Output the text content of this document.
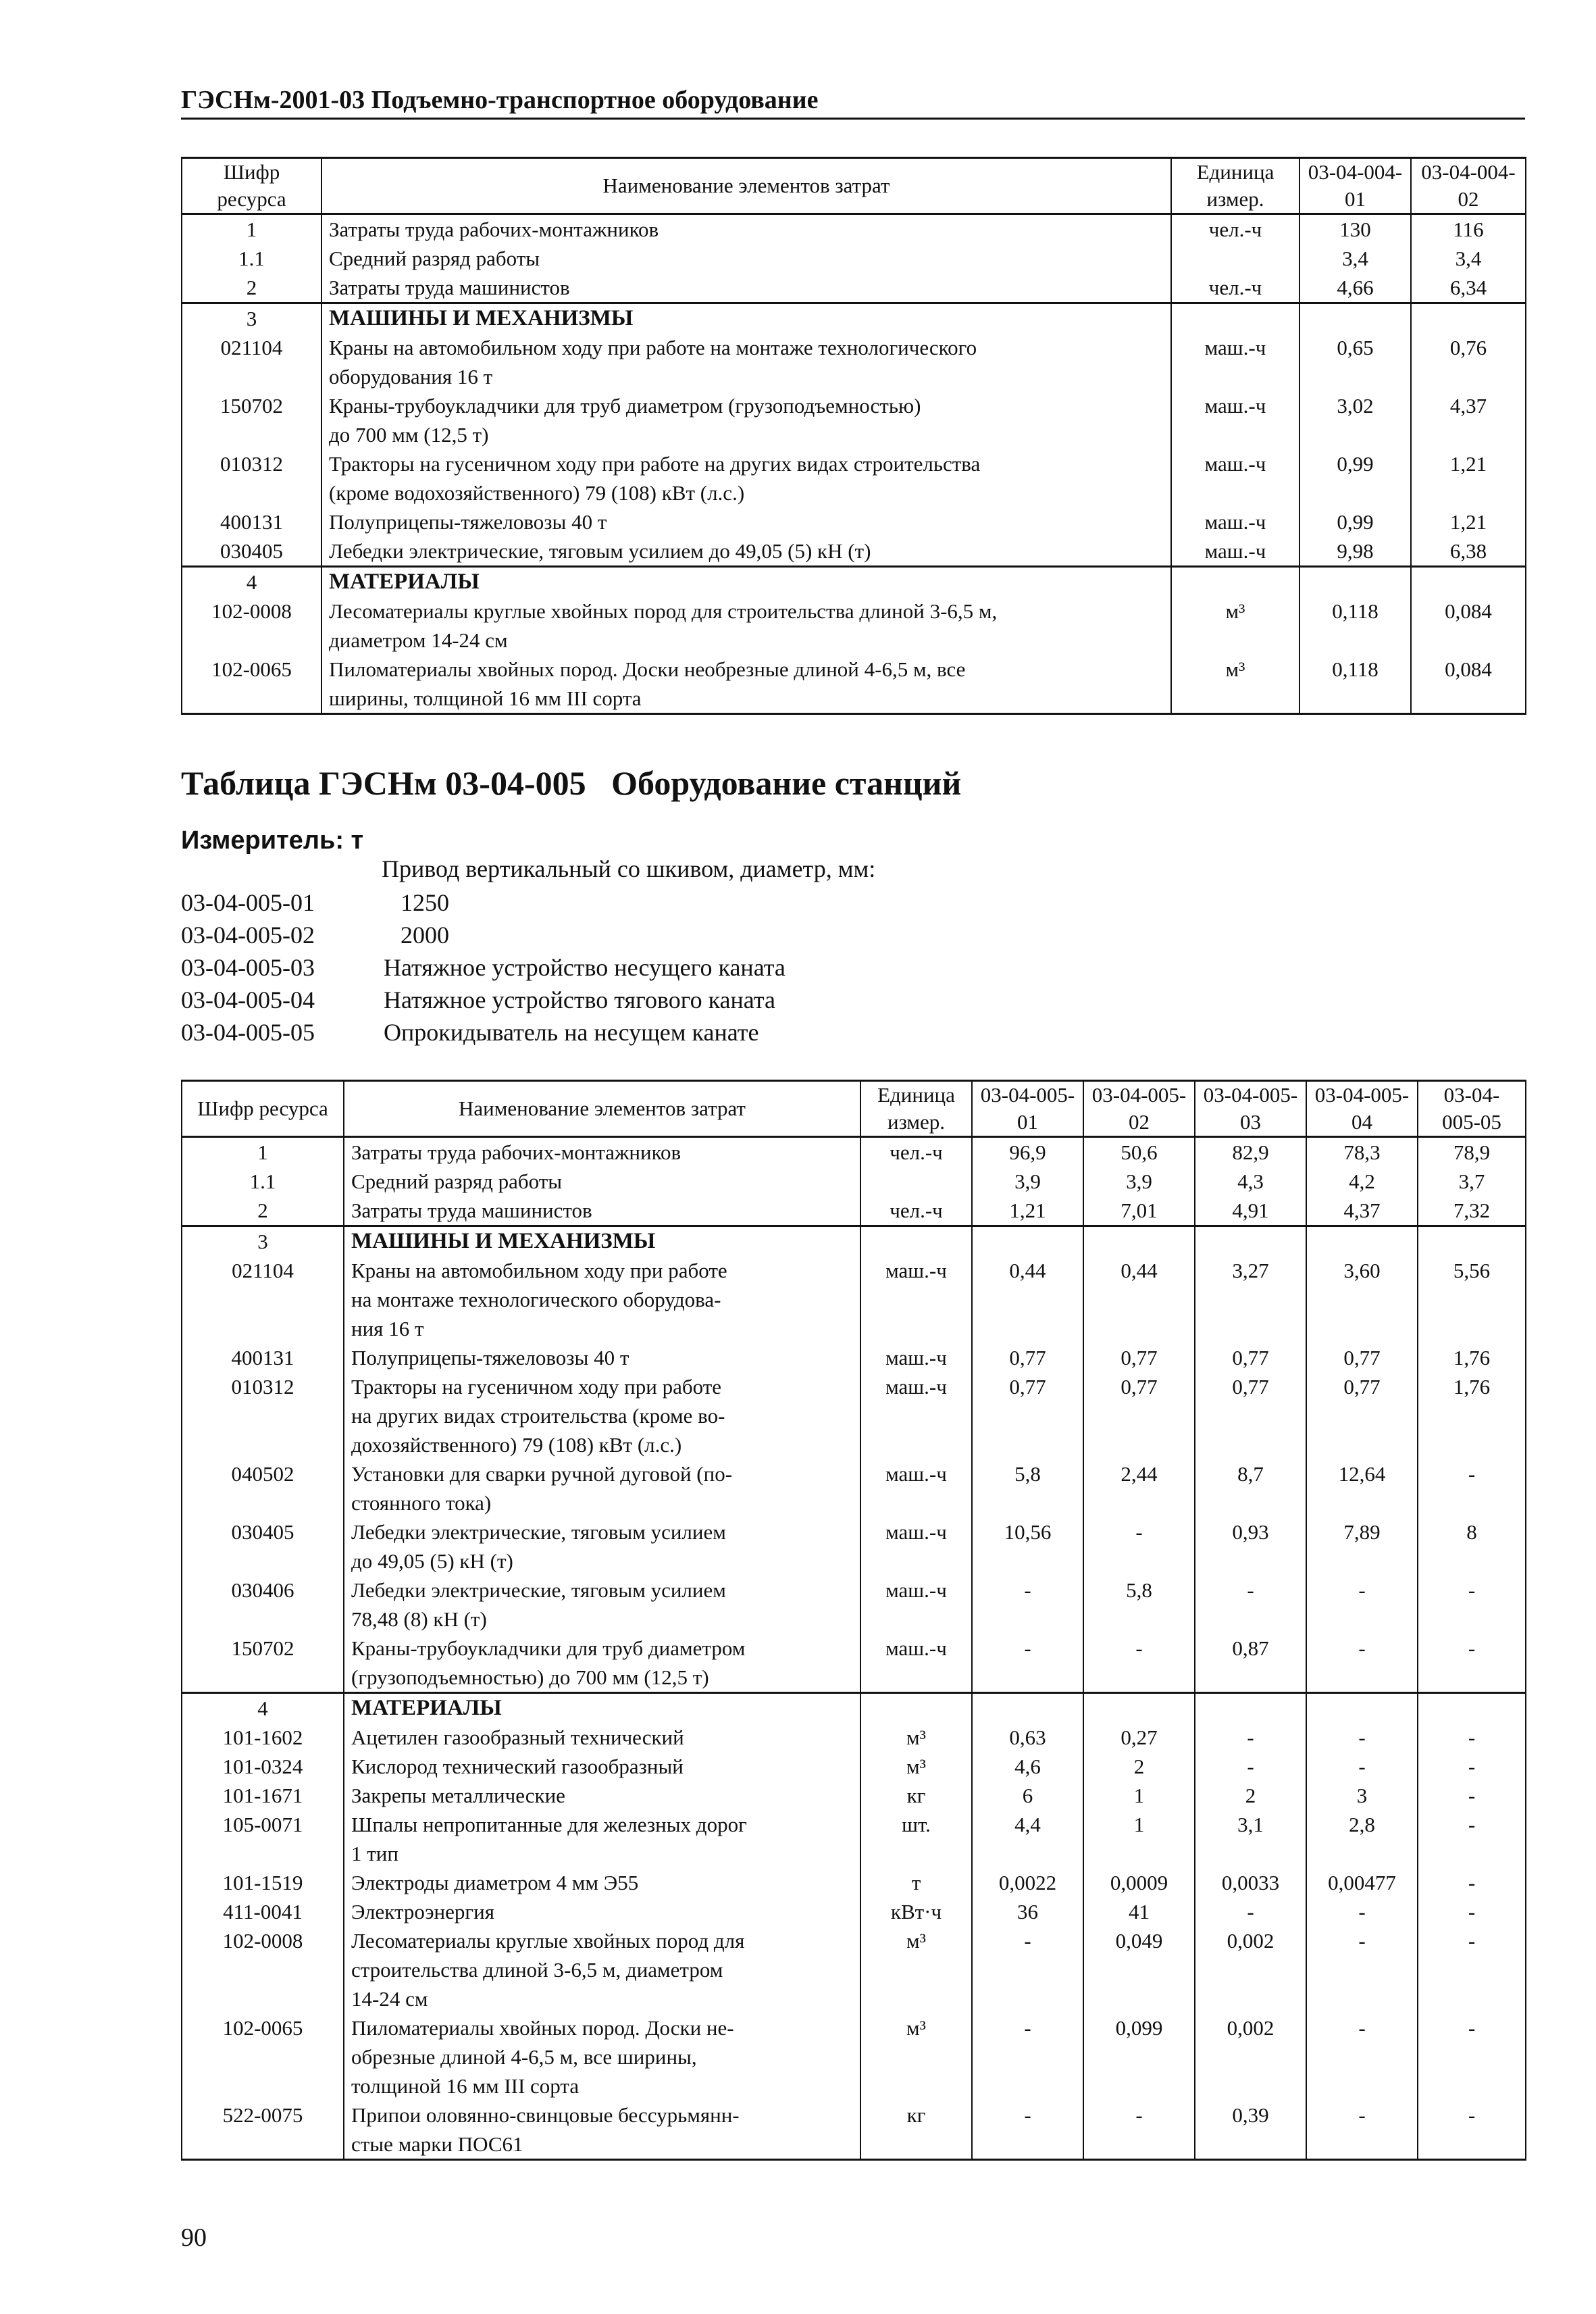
ГЭСНм-2001-03 Подъемно-транспортное оборудование
Шифр ресурса	Наименование элементов затрат	Единица измер.	03-04-004-01	03-04-004-02
1	Затраты труда рабочих-монтажников	чел.-ч	130	116
1.1	Средний разряд работы		3,4	3,4
2	Затраты труда машинистов	чел.-ч	4,66	6,34
3	МАШИНЫ И МЕХАНИЗМЫ			
021104	Краны на автомобильном ходу при работе на монтаже технологического
оборудования 16 т	маш.-ч	0,65	0,76
150702	Краны-трубоукладчики для труб диаметром (грузоподъемностью)
до 700 мм (12,5 т)	маш.-ч	3,02	4,37
010312	Тракторы на гусеничном ходу при работе на других видах строительства
(кроме водохозяйственного) 79 (108) кВт (л.с.)	маш.-ч	0,99	1,21
400131	Полуприцепы-тяжеловозы 40 т	маш.-ч	0,99	1,21
030405	Лебедки электрические, тяговым усилием до 49,05 (5) кН (т)	маш.-ч	9,98	6,38
4	МАТЕРИАЛЫ			
102-0008	Лесоматериалы круглые хвойных пород для строительства длиной 3-6,5 м,
диаметром 14-24 см	м³	0,118	0,084
102-0065	Пиломатериалы хвойных пород. Доски необрезные длиной 4-6,5 м, все
ширины, толщиной 16 мм III сорта	м³	0,118	0,084
Таблица ГЭСНм 03-04-005   Оборудование станций
Измеритель: т
Привод вертикальный со шкивом, диаметр, мм:
03-04-005-01	1250
03-04-005-02	2000
03-04-005-03	Натяжное устройство несущего каната
03-04-005-04	Натяжное устройство тягового каната
03-04-005-05	Опрокидыватель на несущем канате
Шифр ресурса	Наименование элементов затрат	Единица измер.	03-04-005-01	03-04-005-02	03-04-005-03	03-04-005-04	03-04-005-05
1	Затраты труда рабочих-монтажников	чел.-ч	96,9	50,6	82,9	78,3	78,9
1.1	Средний разряд работы		3,9	3,9	4,3	4,2	3,7
2	Затраты труда машинистов	чел.-ч	1,21	7,01	4,91	4,37	7,32
3	МАШИНЫ И МЕХАНИЗМЫ						
021104	Краны на автомобильном ходу при работе
на монтаже технологического оборудова-
ния 16 т	маш.-ч	0,44	0,44	3,27	3,60	5,56
400131	Полуприцепы-тяжеловозы 40 т	маш.-ч	0,77	0,77	0,77	0,77	1,76
010312	Тракторы на гусеничном ходу при работе
на других видах строительства (кроме во-
дохозяйственного) 79 (108) кВт (л.с.)	маш.-ч	0,77	0,77	0,77	0,77	1,76
040502	Установки для сварки ручной дуговой (по-
стоянного тока)	маш.-ч	5,8	2,44	8,7	12,64	-
030405	Лебедки электрические, тяговым усилием
до 49,05 (5) кН (т)	маш.-ч	10,56	-	0,93	7,89	8
030406	Лебедки электрические, тяговым усилием
78,48 (8) кН (т)	маш.-ч	-	5,8	-	-	-
150702	Краны-трубоукладчики для труб диаметром
(грузоподъемностью) до 700 мм (12,5 т)	маш.-ч	-	-	0,87	-	-
4	МАТЕРИАЛЫ						
101-1602	Ацетилен газообразный технический	м³	0,63	0,27	-	-	-
101-0324	Кислород технический газообразный	м³	4,6	2	-	-	-
101-1671	Закрепы металлические	кг	6	1	2	3	-
105-0071	Шпалы непропитанные для железных дорог
1 тип	шт.	4,4	1	3,1	2,8	-
101-1519	Электроды диаметром 4 мм Э55	т	0,0022	0,0009	0,0033	0,00477	-
411-0041	Электроэнергия	кВт·ч	36	41	-	-	-
102-0008	Лесоматериалы круглые хвойных пород для
строительства длиной 3-6,5 м, диаметром
14-24 см	м³	-	0,049	0,002	-	-
102-0065	Пиломатериалы хвойных пород. Доски не-
обрезные длиной 4-6,5 м, все ширины,
толщиной 16 мм III сорта	м³	-	0,099	0,002	-	-
522-0075	Припои оловянно-свинцовые бессурьмянн-
стые марки ПОС61	кг	-	-	0,39	-	-
90
